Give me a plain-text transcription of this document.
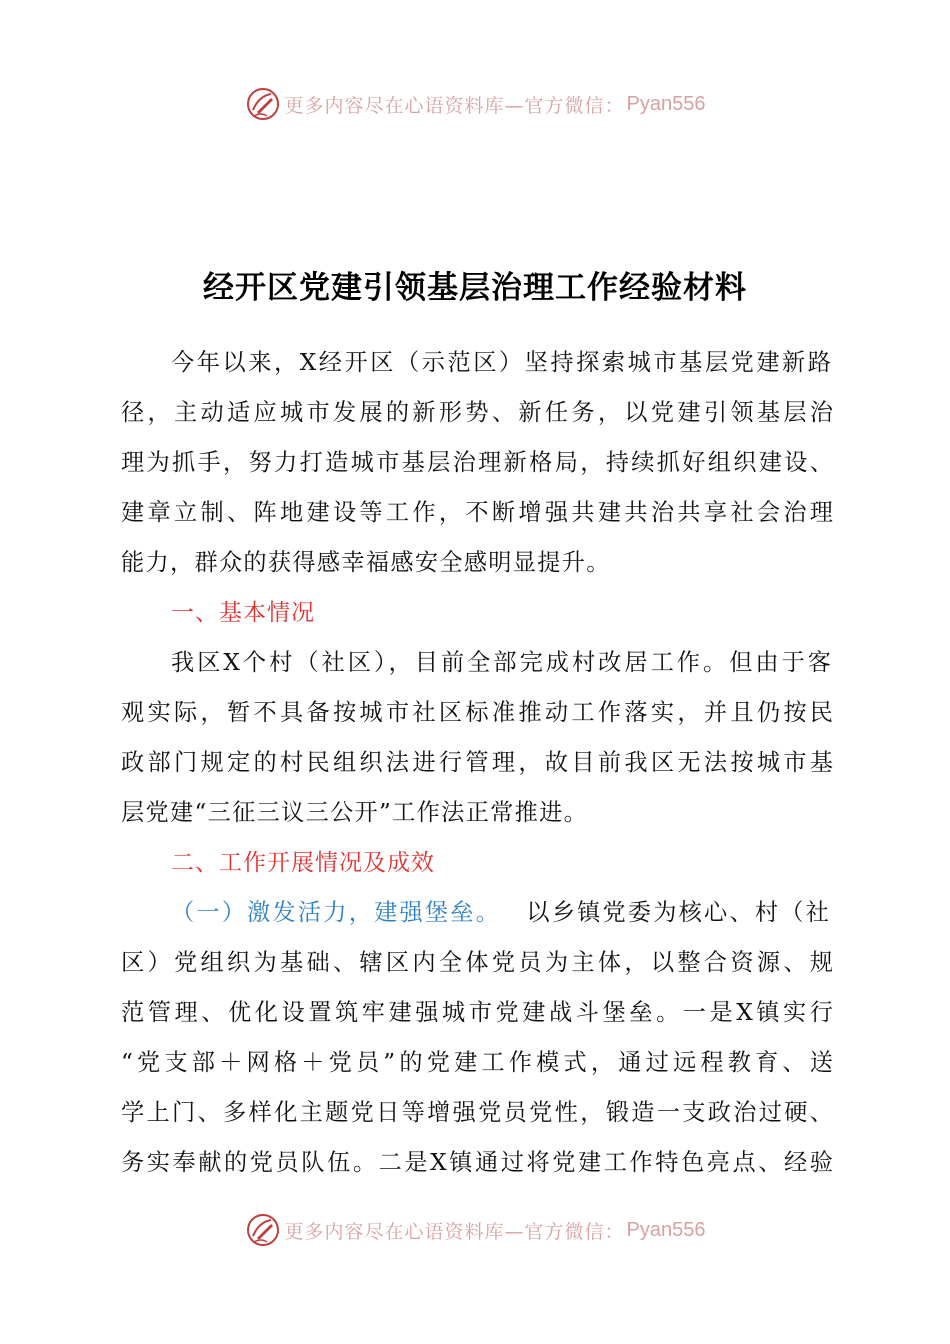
更多内容尽在心语资料库—官方微信： Pyan556
经开区党建引领基层治理工作经验材料

今年以来，X经开区（示范区）坚持探索城市基层党建新路

径，主动适应城市发展的新形势、新任务，以党建引领基层治

理为抓手，努力打造城市基层治理新格局，持续抓好组织建设、

建章立制、阵地建设等工作，不断增强共建共治共享社会治理

能力，群众的获得感幸福感安全感明显提升。

一、基本情况

我区X个村（社区），目前全部完成村改居工作。但由于客

观实际，暂不具备按城市社区标准推动工作落实，并且仍按民

政部门规定的村民组织法进行管理，故目前我区无法按城市基

层党建“三征三议三公开”工作法正常推进。

二、工作开展情况及成效

（一）激发活力，建强堡垒。 以乡镇党委为核心、村（社

区）党组织为基础、辖区内全体党员为主体，以整合资源、规

范管理、优化设置筑牢建强城市党建战斗堡垒。一是X镇实行

“党支部＋网格＋党员”的党建工作模式，通过远程教育、送

学上门、多样化主题党日等增强党员党性，锻造一支政治过硬、

务实奉献的党员队伍。二是X镇通过将党建工作特色亮点、经验

更多内容尽在心语资料库—官方微信： Pyan556
